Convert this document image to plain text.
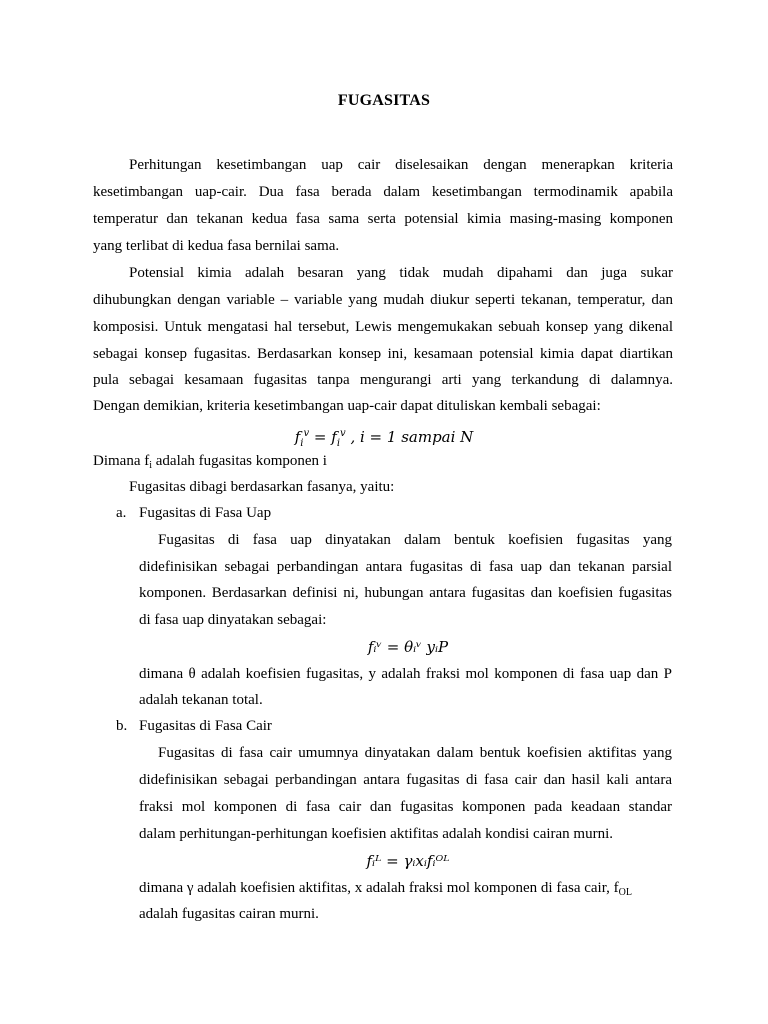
FUGASITAS
Perhitungan kesetimbangan uap cair diselesaikan dengan menerapkan kriteria
kesetimbangan uap-cair. Dua fasa berada dalam kesetimbangan termodinamik apabila
temperatur dan tekanan kedua fasa sama serta potensial kimia masing-masing komponen
yang terlibat di kedua fasa bernilai sama.
Potensial kimia adalah besaran yang tidak mudah dipahami dan juga sukar
dihubungkan dengan variable – variable yang mudah diukur seperti tekanan, temperatur, dan
komposisi. Untuk mengatasi hal tersebut, Lewis mengemukakan sebuah konsep yang dikenal
sebagai konsep fugasitas. Berdasarkan konsep ini, kesamaan potensial kimia dapat diartikan
pula sebagai kesamaan fugasitas tanpa mengurangi arti yang terkandung di dalamnya.
Dengan demikian, kriteria kesetimbangan uap-cair dapat dituliskan kembali sebagai:
$f_i^v = f_i^v$ , i = 1 sampai N
Dimana $f_i$ adalah fugasitas komponen i
Fugasitas dibagi berdasarkan fasanya, yaitu:
a. Fugasitas di Fasa Uap
Fugasitas di fasa uap dinyatakan dalam bentuk koefisien fugasitas yang
didefinisikan sebagai perbandingan antara fugasitas di fasa uap dan tekanan parsial
komponen. Berdasarkan definisi ni, hubungan antara fugasitas dan koefisien fugasitas
di fasa uap dinyatakan sebagai:
fᵢᵛ = θᵢᵛ yᵢP
dimana θ adalah koefisien fugasitas, y adalah fraksi mol komponen di fasa uap dan P
adalah tekanan total.
b. Fugasitas di Fasa Cair
Fugasitas di fasa cair umumnya dinyatakan dalam bentuk koefisien aktifitas yang
didefinisikan sebagai perbandingan antara fugasitas di fasa cair dan hasil kali antara
fraksi mol komponen di fasa cair dan fugasitas komponen pada keadaan standar
dalam perhitungan-perhitungan koefisien aktifitas adalah kondisi cairan murni.
fᵢᴸ = γᵢxᵢfᵢᴼᴸ
dimana γ adalah koefisien aktifitas, x adalah fraksi mol komponen di fasa cair, $f_{OL}$
adalah fugasitas cairan murni.
